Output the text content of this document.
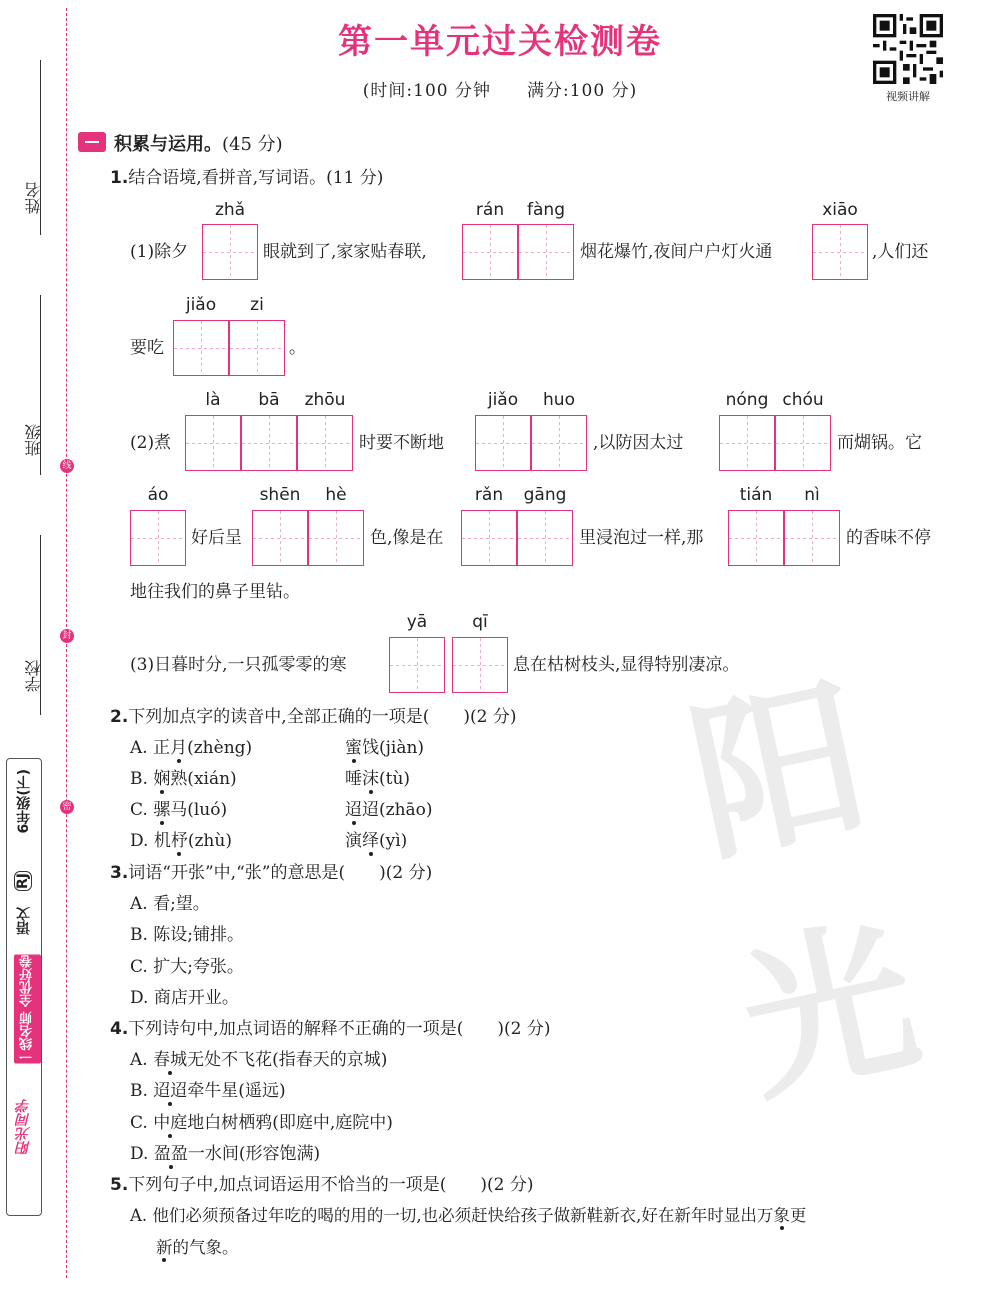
阳光
线
封
密
姓名
班级
学校
6年级(下)
RJ
语文
一线名师 全优好卷
阳光同学
第一单元过关检测卷
(时间:100 分钟　　满分:100 分)	视频讲解
积累与运用。(45 分)
1.结合语境,看拼音,写词语。(11 分)
zhǎ	rán	fàng	xiāo
(1)除夕	眼就到了,家家贴春联,	烟花爆竹,夜间户户灯火通	,人们还
jiǎo	zi
要吃	。
là	bā	zhōu	jiǎo	huo	nóng chóu
(2)煮	时要不断地	,以防因太过	而煳锅。它
áo	shēn	hè	rǎn	gāng	tián	nì
好后呈	色,像是在	里浸泡过一样,那	的香味不停
地往我们的鼻子里钻。
yā	qī
(3)日暮时分,一只孤零零的寒	息在枯树枝头,显得特别凄凉。
2.下列加点字的读音中,全部正确的一项是(　　)(2 分)
A. 正月(zhèng)	蜜饯(jiàn)
B. 娴熟(xián)	唾沫(tù)
C. 骡马(luó)	迢迢(zhāo)
D. 机杼(zhù)	演绎(yì)
3.词语“开张”中,“张”的意思是(　　)(2 分)
A. 看;望。
B. 陈设;铺排。
C. 扩大;夸张。
D. 商店开业。
4.下列诗句中,加点词语的解释不正确的一项是(　　)(2 分)
A. 春城无处不飞花(指春天的京城)
B. 迢迢牵牛星(遥远)
C. 中庭地白树栖鸦(即庭中,庭院中)
D. 盈盈一水间(形容饱满)
5.下列句子中,加点词语运用不恰当的一项是(　　)(2 分)
A. 他们必须预备过年吃的喝的用的一切,也必须赶快给孩子做新鞋新衣,好在新年时显出万象更
新的气象。
